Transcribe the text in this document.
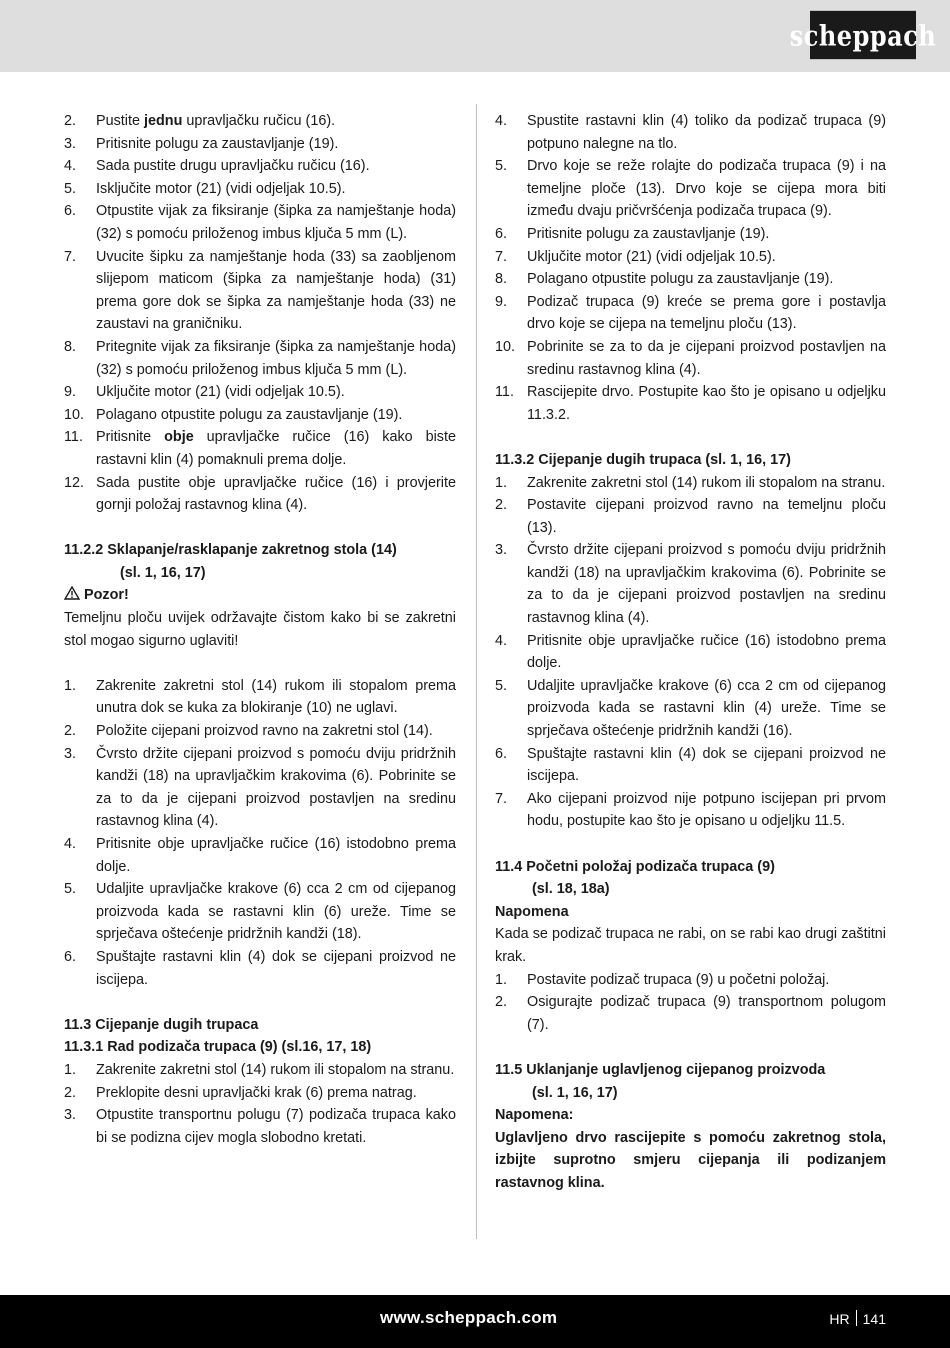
scheppach
2.	Pustite jednu upravljačku ručicu (16).
3.	Pritisnite polugu za zaustavljanje (19).
4.	Sada pustite drugu upravljačku ručicu (16).
5.	Isključite motor (21) (vidi odjeljak 10.5).
6.	Otpustite vijak za fiksiranje (šipka za namještanje hoda) (32) s pomoću priloženog imbus ključa 5 mm (L).
7.	Uvucite šipku za namještanje hoda (33) sa zaobljenom slijepom maticom (šipka za namještanje hoda) (31) prema gore dok se šipka za namještanje hoda (33) ne zaustavi na graničniku.
8.	Pritegnite vijak za fiksiranje (šipka za namještanje hoda) (32) s pomoću priloženog imbus ključa 5 mm (L).
9.	Uključite motor (21) (vidi odjeljak 10.5).
10. Polagano otpustite polugu za zaustavljanje (19).
11. Pritisnite obje upravljačke ručice (16) kako biste rastavni klin (4) pomaknuli prema dolje.
12. Sada pustite obje upravljačke ručice (16) i provjerite gornji položaj rastavnog klina (4).

11.2.2 Sklapanje/rasklapanje zakretnog stola (14)

(sl. 1, 16, 17)

Pozor!

Temeljnu ploču uvijek održavajte čistom kako bi se zakretni stol mogao sigurno uglaviti!

1.	Zakrenite zakretni stol (14) rukom ili stopalom prema unutra dok se kuka za blokiranje (10) ne uglavi.
2.	Položite cijepani proizvod ravno na zakretni stol (14).
3.	Čvrsto držite cijepani proizvod s pomoću dviju pridržnih kandži (18) na upravljačkim krakovima (6). Pobrinite se za to da je cijepani proizvod postavljen na sredinu rastavnog klina (4).
4.	Pritisnite obje upravljačke ručice (16) istodobno prema dolje.
5.	Udaljite upravljačke krakove (6) cca 2 cm od cijepanog proizvoda kada se rastavni klin (6) ureže. Time se sprječava oštećenje pridržnih kandži (18).
6.	Spuštajte rastavni klin (4) dok se cijepani proizvod ne iscijepa.

11.3 Cijepanje dugih trupaca

11.3.1 Rad podizača trupaca (9) (sl.16, 17, 18)

1.	Zakrenite zakretni stol (14) rukom ili stopalom na stranu.
2.	Preklopite desni upravljački krak (6) prema natrag.
3.	Otpustite transportnu polugu (7) podizača trupaca kako bi se podizna cijev mogla slobodno kretati.
4.	Spustite rastavni klin (4) toliko da podizač trupaca (9) potpuno nalegne na tlo.
5.	Drvo koje se reže rolajte do podizača trupaca (9) i na temeljne ploče (13). Drvo koje se cijepa mora biti između dvaju pričvršćenja podizača trupaca (9).
6.	Pritisnite polugu za zaustavljanje (19).
7.	Uključite motor (21) (vidi odjeljak 10.5).
8.	Polagano otpustite polugu za zaustavljanje (19).
9.	Podizač trupaca (9) kreće se prema gore i postavlja drvo koje se cijepa na temeljnu ploču (13).
10. Pobrinite se za to da je cijepani proizvod postavljen na sredinu rastavnog klina (4).
11. Rascijepite drvo. Postupite kao što je opisano u odjeljku 11.3.2.

11.3.2 Cijepanje dugih trupaca (sl. 1, 16, 17)

1.	Zakrenite zakretni stol (14) rukom ili stopalom na stranu.
2.	Postavite cijepani proizvod ravno na temeljnu ploču (13).
3.	Čvrsto držite cijepani proizvod s pomoću dviju pridržnih kandži (18) na upravljačkim krakovima (6). Pobrinite se za to da je cijepani proizvod postavljen na sredinu rastavnog klina (4).
4.	Pritisnite obje upravljačke ručice (16) istodobno prema dolje.
5.	Udaljite upravljačke krakove (6) cca 2 cm od cijepanog proizvoda kada se rastavni klin (4) ureže. Time se sprječava oštećenje pridržnih kandži (16).
6.	Spuštajte rastavni klin (4) dok se cijepani proizvod ne iscijepa.
7.	Ako cijepani proizvod nije potpuno iscijepan pri prvom hodu, postupite kao što je opisano u odjeljku 11.5.

11.4 Početni položaj podizača trupaca (9)

(sl. 18, 18a)

Napomena

Kada se podizač trupaca ne rabi, on se rabi kao drugi zaštitni krak.

1.	Postavite podizač trupaca (9) u početni položaj.
2.	Osigurajte podizač trupaca (9) transportnom polugom (7).

11.5 Uklanjanje uglavljenog cijepanog proizvoda

(sl. 1, 16, 17)

Napomena:

Uglavljeno drvo rascijepite s pomoću zakretnog stola, izbijte suprotno smjeru cijepanja ili podizanjem rastavnog klina.

www.scheppach.com	HR 141
